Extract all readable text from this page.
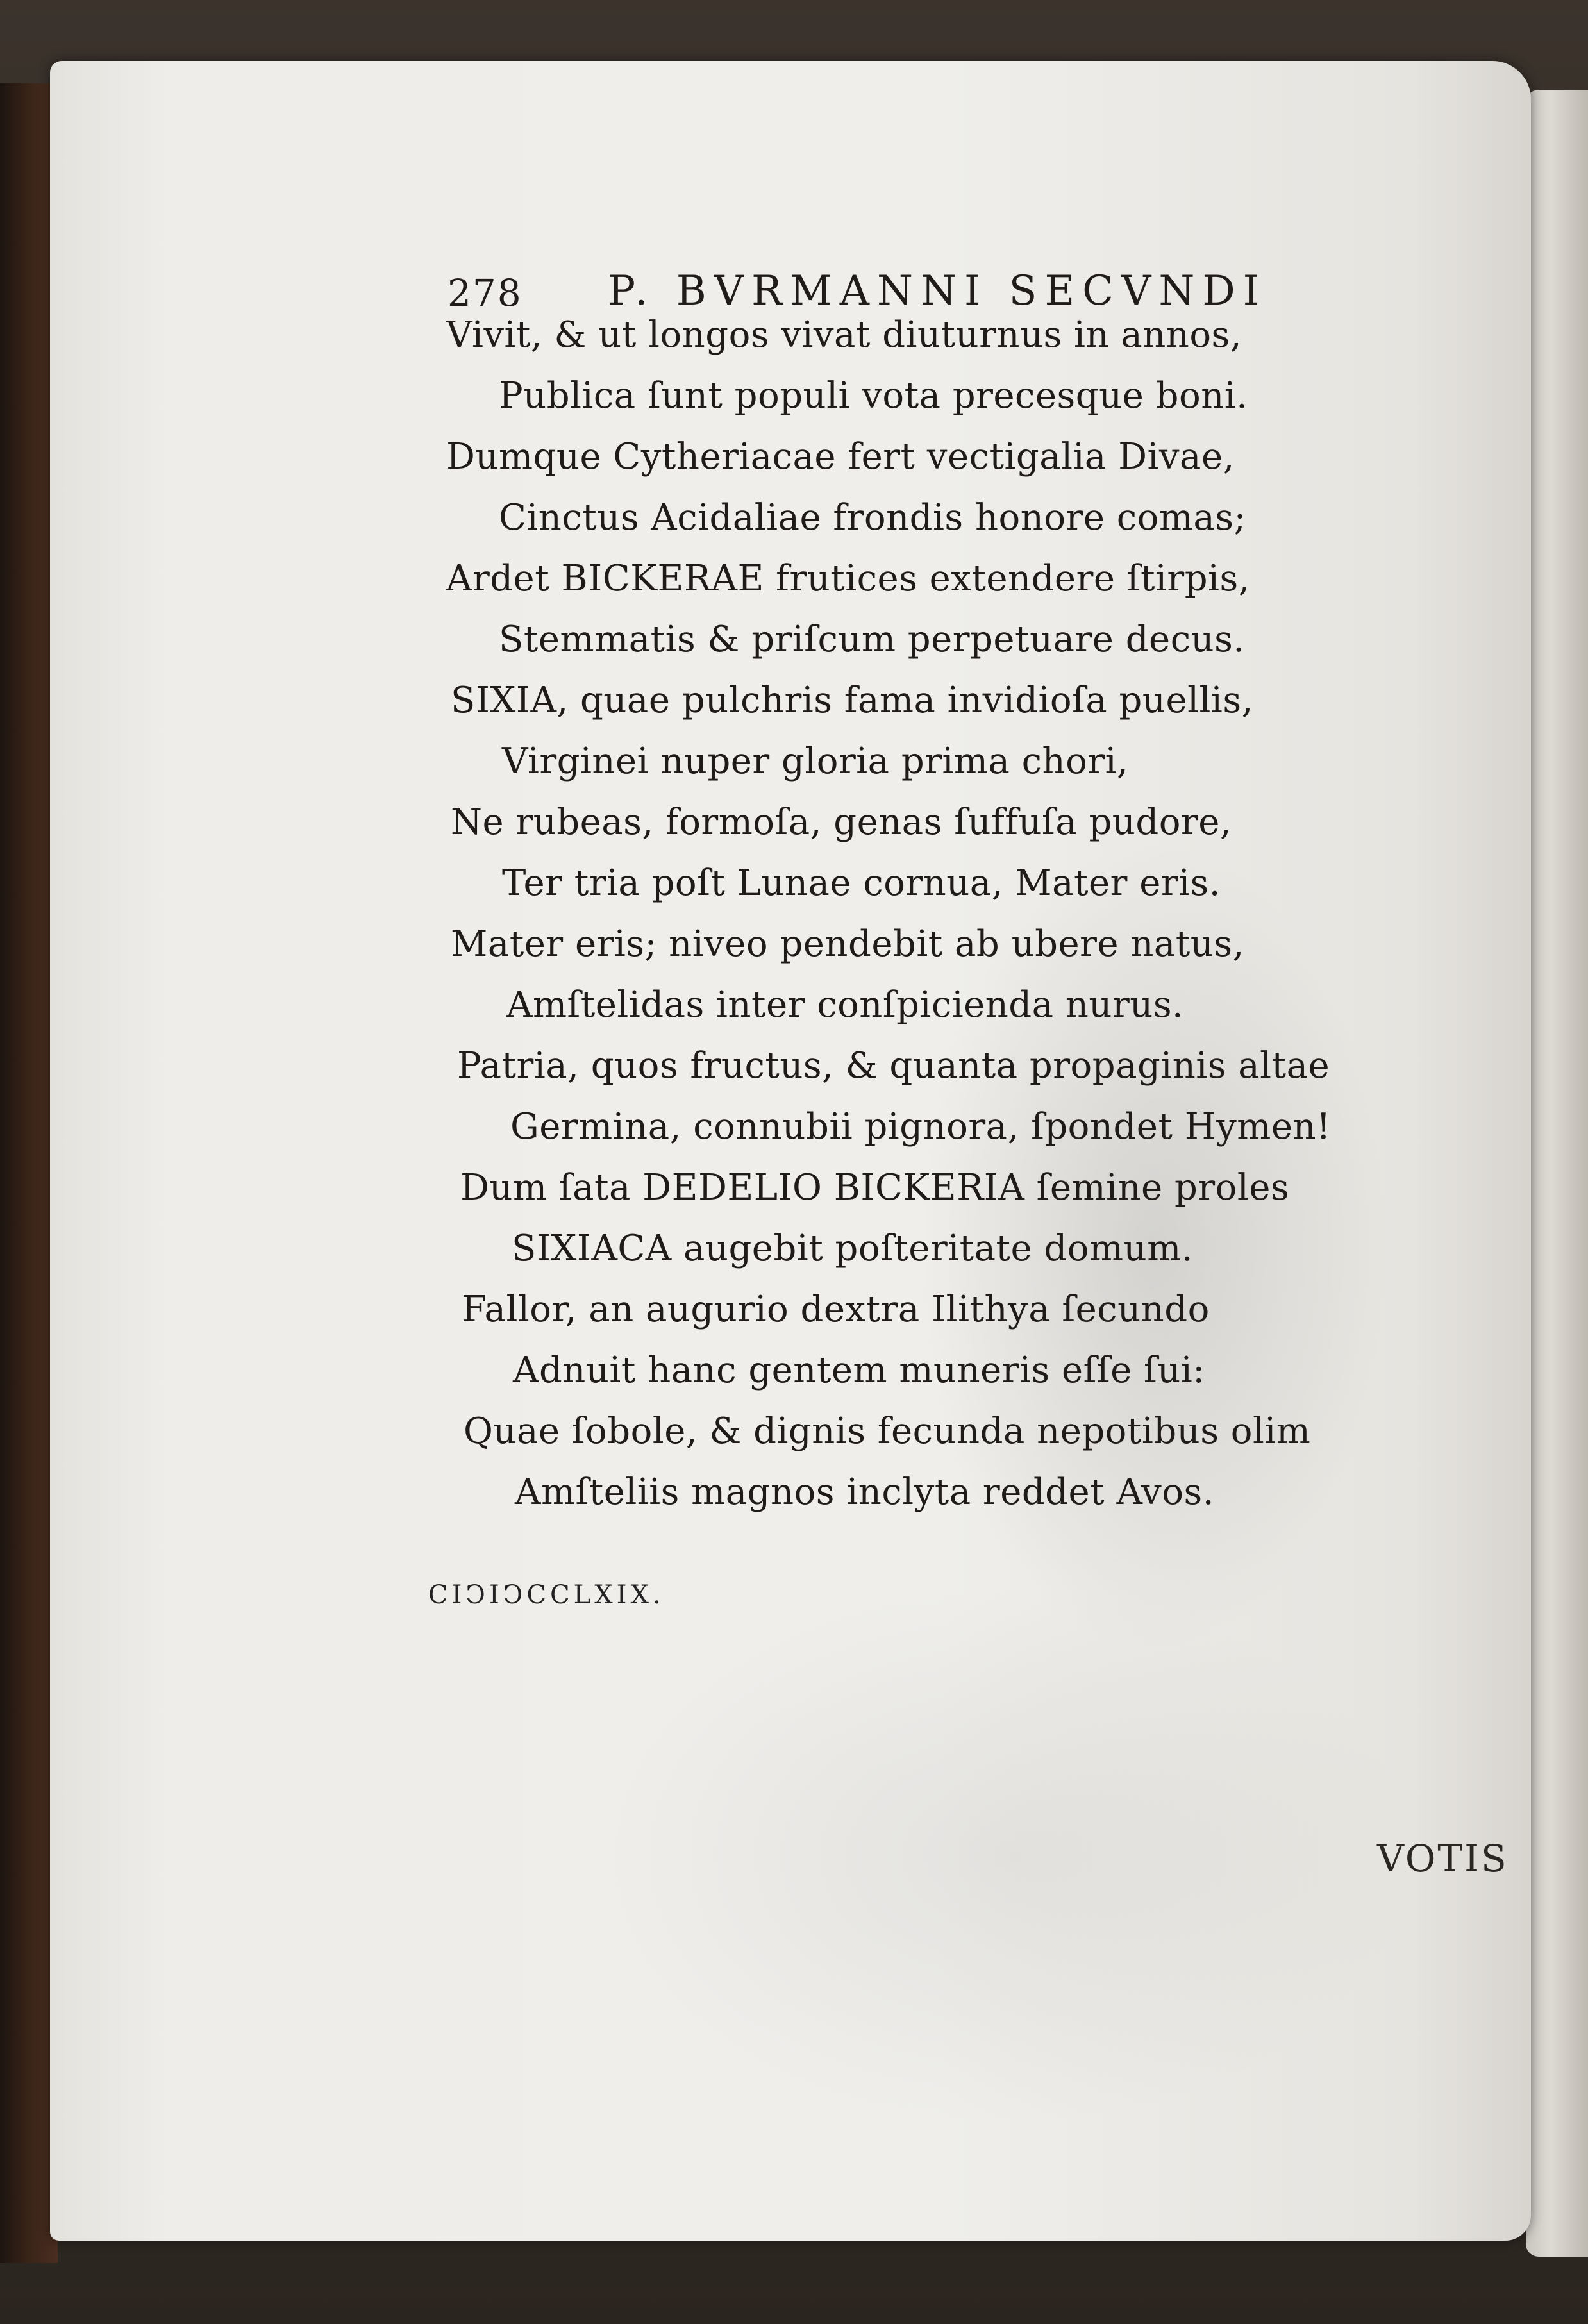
278 P. BVRMANNI SECVNDI
Vivit, & ut longos vivat diuturnus in annos,
Publica ſunt populi vota precesque boni.
Dumque Cytheriacae fert vectigalia Divae,
Cinctus Acidaliae frondis honore comas;
Ardet BICKERAE frutices extendere ſtirpis,
Stemmatis & priſcum perpetuare decus.
SIXIA, quae pulchris fama invidioſa puellis,
Virginei nuper gloria prima chori,
Ne rubeas, formoſa, genas ſuffuſa pudore,
Ter tria poſt Lunae cornua, Mater eris.
Mater eris; niveo pendebit ab ubere natus,
Amſtelidas inter conſpicienda nurus.
Patria, quos fructus, & quanta propaginis altae
Germina, connubii pignora, ſpondet Hymen!
Dum ſata DEDELIO BICKERIA ſemine proles
SIXIACA augebit poſteritate domum.
Fallor, an augurio dextra Ilithya ſecundo
Adnuit hanc gentem muneris eſſe ſui:
Quae ſobole, & dignis fecunda nepotibus olim
Amſteliis magnos inclyta reddet Avos.
CIↃIↃCCLXIX.
VOTIS
